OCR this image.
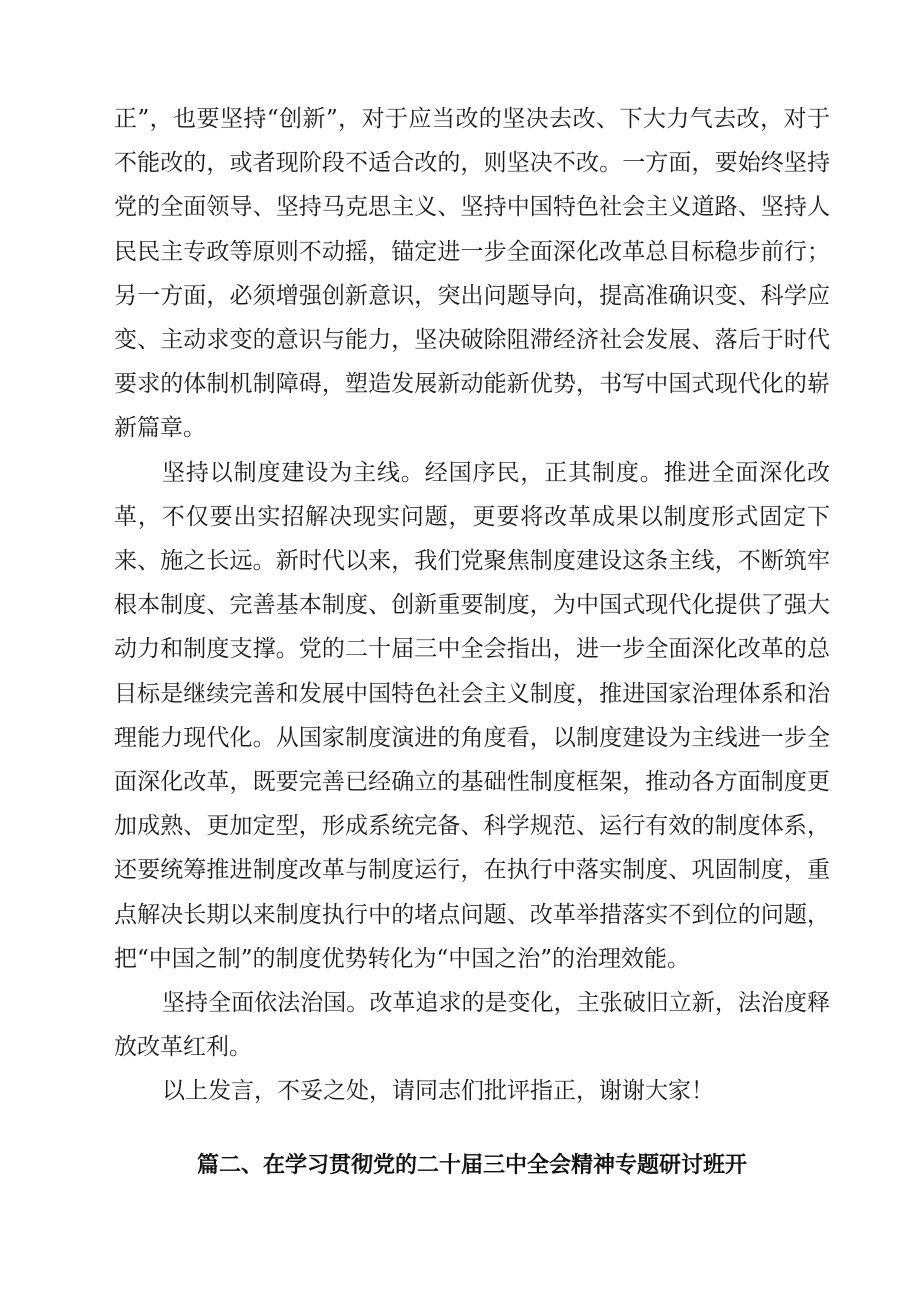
正”，也要坚持“创新”，对于应当改的坚决去改、下大力气去改，对于不能改的，或者现阶段不适合改的，则坚决不改。一方面，要始终坚持党的全面领导、坚持马克思主义、坚持中国特色社会主义道路、坚持人民民主专政等原则不动摇，锚定进一步全面深化改革总目标稳步前行；另一方面，必须增强创新意识，突出问题导向，提高准确识变、科学应变、主动求变的意识与能力，坚决破除阻滞经济社会发展、落后于时代要求的体制机制障碍，塑造发展新动能新优势，书写中国式现代化的崭新篇章。

坚持以制度建设为主线。经国序民，正其制度。推进全面深化改革，不仅要出实招解决现实问题，更要将改革成果以制度形式固定下来、施之长远。新时代以来，我们党聚焦制度建设这条主线，不断筑牢根本制度、完善基本制度、创新重要制度，为中国式现代化提供了强大动力和制度支撑。党的二十届三中全会指出，进一步全面深化改革的总目标是继续完善和发展中国特色社会主义制度，推进国家治理体系和治理能力现代化。从国家制度演进的角度看，以制度建设为主线进一步全面深化改革，既要完善已经确立的基础性制度框架，推动各方面制度更加成熟、更加定型，形成系统完备、科学规范、运行有效的制度体系，还要统筹推进制度改革与制度运行，在执行中落实制度、巩固制度，重点解决长期以来制度执行中的堵点问题、改革举措落实不到位的问题，把“中国之制”的制度优势转化为“中国之治”的治理效能。

坚持全面依法治国。改革追求的是变化，主张破旧立新，法治度释放改革红利。

以上发言，不妥之处，请同志们批评指正，谢谢大家！

篇二、在学习贯彻党的二十届三中全会精神专题研讨班开
